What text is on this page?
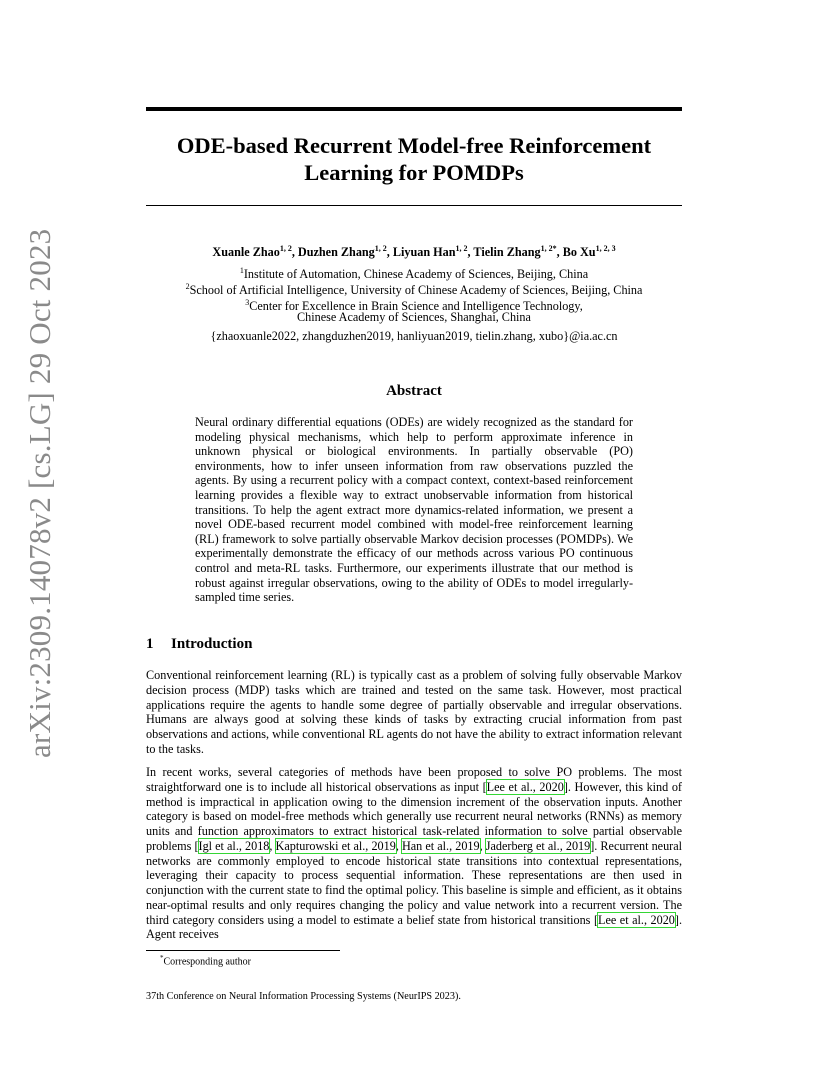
arXiv:2309.14078v2 [cs.LG] 29 Oct 2023
ODE-based Recurrent Model-free Reinforcement
Learning for POMDPs
Xuanle Zhao$^{1, 2}$, Duzhen Zhang$^{1, 2}$, Liyuan Han$^{1, 2}$, Tielin Zhang$^{1, 2*}$, Bo Xu$^{1, 2, 3}$
$^1$Institute of Automation, Chinese Academy of Sciences, Beijing, China
$^2$School of Artificial Intelligence, University of Chinese Academy of Sciences, Beijing, China
$^3$Center for Excellence in Brain Science and Intelligence Technology,
Chinese Academy of Sciences, Shanghai, China
{zhaoxuanle2022, zhangduzhen2019, hanliyuan2019, tielin.zhang, xubo}@ia.ac.cn
Abstract

Neural ordinary differential equations (ODEs) are widely recognized as the standard for modeling physical mechanisms, which help to perform approximate inference in unknown physical or biological environments. In partially observable (PO) environments, how to infer unseen information from raw observations puzzled the agents. By using a recurrent policy with a compact context, context-based reinforcement learning provides a flexible way to extract unobservable information from historical transitions. To help the agent extract more dynamics-related information, we present a novel ODE-based recurrent model combined with model-free reinforcement learning (RL) framework to solve partially observable Markov decision processes (POMDPs). We experimentally demonstrate the efficacy of our methods across various PO continuous control and meta-RL tasks. Furthermore, our experiments illustrate that our method is robust against irregular observations, owing to the ability of ODEs to model irregularly-sampled time series.

1 Introduction

Conventional reinforcement learning (RL) is typically cast as a problem of solving fully observable Markov decision process (MDP) tasks which are trained and tested on the same task. However, most practical applications require the agents to handle some degree of partially observable and irregular observations. Humans are always good at solving these kinds of tasks by extracting crucial information from past observations and actions, while conventional RL agents do not have the ability to extract information relevant to the tasks.

In recent works, several categories of methods have been proposed to solve PO problems. The most straightforward one is to include all historical observations as input [Lee et al., 2020]. However, this kind of method is impractical in application owing to the dimension increment of the observation inputs. Another category is based on model-free methods which generally use recurrent neural networks (RNNs) as memory units and function approximators to extract historical task-related information to solve partial observable problems [Igl et al., 2018, Kapturowski et al., 2019, Han et al., 2019, Jaderberg et al., 2019]. Recurrent neural networks are commonly employed to encode historical state transitions into contextual representations, leveraging their capacity to process sequential information. These representations are then used in conjunction with the current state to find the optimal policy. This baseline is simple and efficient, as it obtains near-optimal results and only requires changing the policy and value network into a recurrent version. The third category considers using a model to estimate a belief state from historical transitions [Lee et al., 2020]. Agent receives

*Corresponding author
37th Conference on Neural Information Processing Systems (NeurIPS 2023).
